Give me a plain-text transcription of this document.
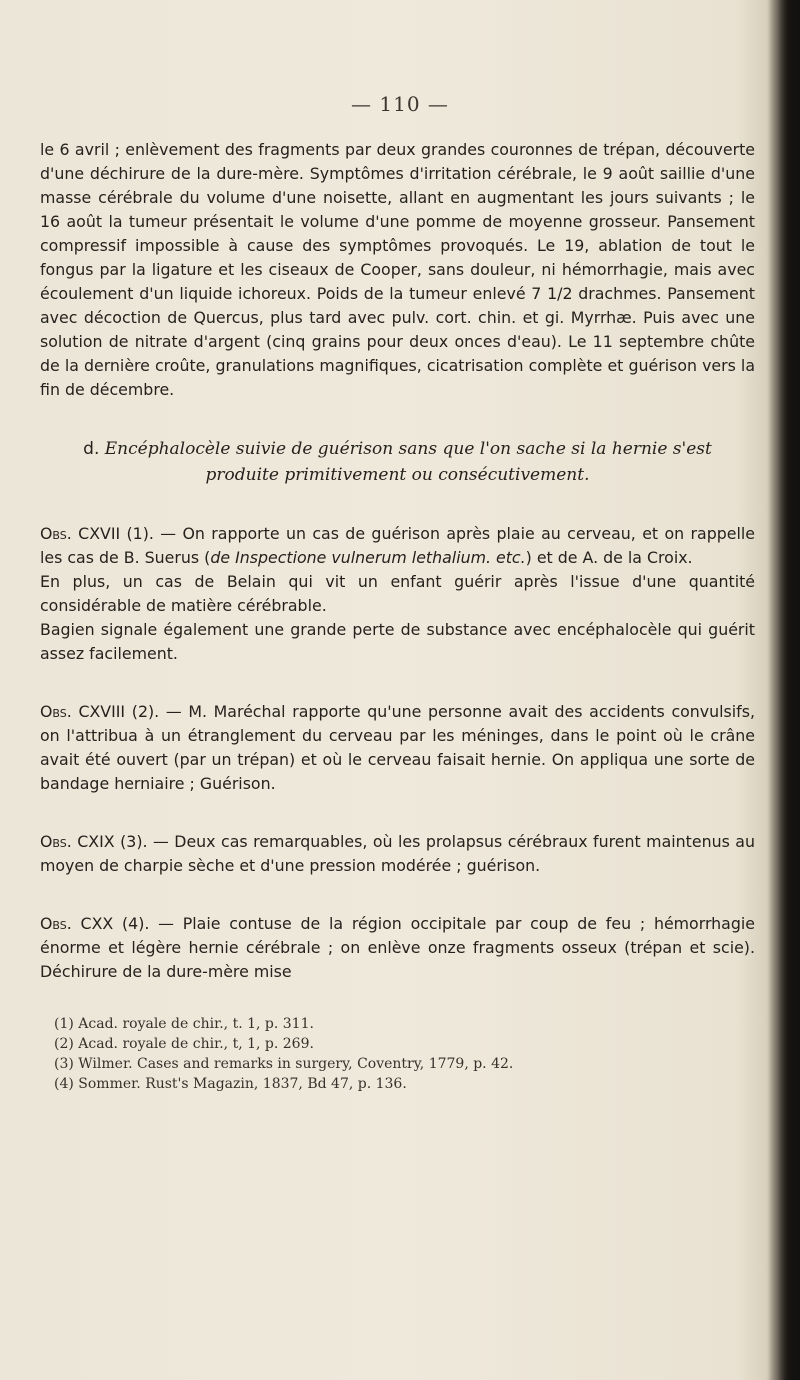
— 110 —

le 6 avril ; enlèvement des fragments par deux grandes couronnes de trépan, découverte d'une déchirure de la dure-mère. Symptômes d'irritation cérébrale, le 9 août saillie d'une masse cérébrale du volume d'une noisette, allant en augmentant les jours suivants ; le 16 août la tumeur présentait le volume d'une pomme de moyenne grosseur. Pansement compressif impossible à cause des symptômes provoqués. Le 19, ablation de tout le fongus par la ligature et les ciseaux de Cooper, sans douleur, ni hémorrhagie, mais avec écoulement d'un liquide ichoreux. Poids de la tumeur enlevé 7 1/2 drachmes. Pansement avec décoction de Quercus, plus tard avec pulv. cort. chin. et gi. Myrrhæ. Puis avec une solution de nitrate d'argent (cinq grains pour deux onces d'eau). Le 11 septembre chûte de la dernière croûte, granulations magnifiques, cicatrisation complète et guérison vers la fin de décembre.

d. Encéphalocèle suivie de guérison sans que l'on sache si la hernie s'est produite primitivement ou consécutivement.

Obs. CXVII (1). — On rapporte un cas de guérison après plaie au cerveau, et on rappelle les cas de B. Suerus (de Inspectione vulnerum lethalium. etc.) et de A. de la Croix.

En plus, un cas de Belain qui vit un enfant guérir après l'issue d'une quantité considérable de matière cérébrable.

Bagien signale également une grande perte de substance avec encéphalocèle qui guérit assez facilement.

Obs. CXVIII (2). — M. Maréchal rapporte qu'une personne avait des accidents convulsifs, on l'attribua à un étranglement du cerveau par les méninges, dans le point où le crâne avait été ouvert (par un trépan) et où le cerveau faisait hernie. On appliqua une sorte de bandage herniaire ; Guérison.

Obs. CXIX (3). — Deux cas remarquables, où les prolapsus cérébraux furent maintenus au moyen de charpie sèche et d'une pression modérée ; guérison.

Obs. CXX (4). — Plaie contuse de la région occipitale par coup de feu ; hémorrhagie énorme et légère hernie cérébrale ; on enlève onze fragments osseux (trépan et scie). Déchirure de la dure-mère mise

(1) Acad. royale de chir., t. 1, p. 311.
(2) Acad. royale de chir., t, 1, p. 269.
(3) Wilmer. Cases and remarks in surgery, Coventry, 1779, p. 42.
(4) Sommer. Rust's Magazin, 1837, Bd 47, p. 136.
